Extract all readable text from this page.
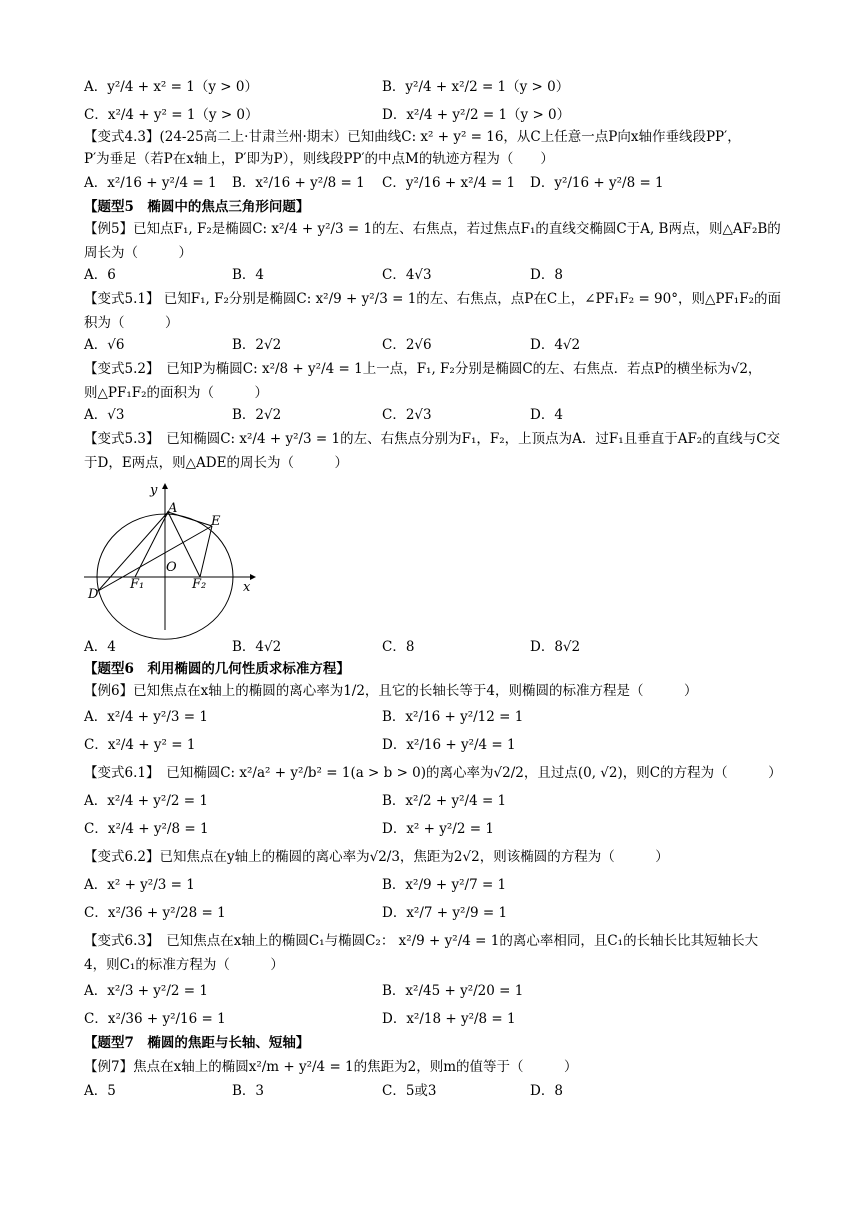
A．y²/4 + x² = 1（y > 0）	B．y²/4 + x²/2 = 1（y > 0）
C．x²/4 + y² = 1（y > 0）	D．x²/4 + y²/2 = 1（y > 0）
【变式4.3】(24-25高二上·甘肃兰州·期末）已知曲线C: x² + y² = 16，从C上任意一点P向x轴作垂线段PP′，
P′为垂足（若P在x轴上，P′即为P），则线段PP′的中点M的轨迹方程为（　　）
A．x²/16 + y²/4 = 1 B．x²/16 + y²/8 = 1 C．y²/16 + x²/4 = 1 D．y²/16 + y²/8 = 1
【题型5　椭圆中的焦点三角形问题】
【例5】已知点F₁, F₂是椭圆C: x²/4 + y²/3 = 1的左、右焦点，若过焦点F₁的直线交椭圆C于A, B两点，则△AF₂B的
周长为（　　　）
A．6	B．4	C．4√3	D．8
【变式5.1】 已知F₁, F₂分别是椭圆C: x²/9 + y²/3 = 1的左、右焦点，点P在C上，∠PF₁F₂ = 90°，则△PF₁F₂的面
积为（　　　）
A．√6	B．2√2	C．2√6	D．4√2
【变式5.2】　已知P为椭圆C: x²/8 + y²/4 = 1上一点，F₁, F₂分别是椭圆C的左、右焦点．若点P的横坐标为√2，
则△PF₁F₂的面积为（　　　）
A．√3	B．2√2	C．2√3	D．4
【变式5.3】　已知椭圆C: x²/4 + y²/3 = 1的左、右焦点分别为F₁，F₂，上顶点为A．过F₁且垂直于AF₂的直线与C交
于D，E两点，则△ADE的周长为（　　　）
A．4	B．4√2	C．8	D．8√2
【题型6　利用椭圆的几何性质求标准方程】
【例6】已知焦点在x轴上的椭圆的离心率为1/2，且它的长轴长等于4，则椭圆的标准方程是（　　　）
A．x²/4 + y²/3 = 1	B．x²/16 + y²/12 = 1
C．x²/4 + y² = 1	D．x²/16 + y²/4 = 1
【变式6.1】　已知椭圆C: x²/a² + y²/b² = 1(a > b > 0)的离心率为√2/2，且过点(0, √2)，则C的方程为（　　　）
A．x²/4 + y²/2 = 1	B．x²/2 + y²/4 = 1
C．x²/4 + y²/8 = 1	D．x² + y²/2 = 1
【变式6.2】已知焦点在y轴上的椭圆的离心率为√2/3，焦距为2√2，则该椭圆的方程为（　　　）
A．x² + y²/3 = 1	B．x²/9 + y²/7 = 1
C．x²/36 + y²/28 = 1	D．x²/7 + y²/9 = 1
【变式6.3】　已知焦点在x轴上的椭圆C₁与椭圆C₂： x²/9 + y²/4 = 1的离心率相同，且C₁的长轴长比其短轴长大
4，则C₁的标准方程为（　　　）
A．x²/3 + y²/2 = 1	B．x²/45 + y²/20 = 1
C．x²/36 + y²/16 = 1	D．x²/18 + y²/8 = 1
【题型7　椭圆的焦距与长轴、短轴】
【例7】焦点在x轴上的椭圆x²/m + y²/4 = 1的焦距为2，则m的值等于（　　　）
A．5	B．3	C．5或3	D．8
y
x
A
E
O
D
F₁	F₂
